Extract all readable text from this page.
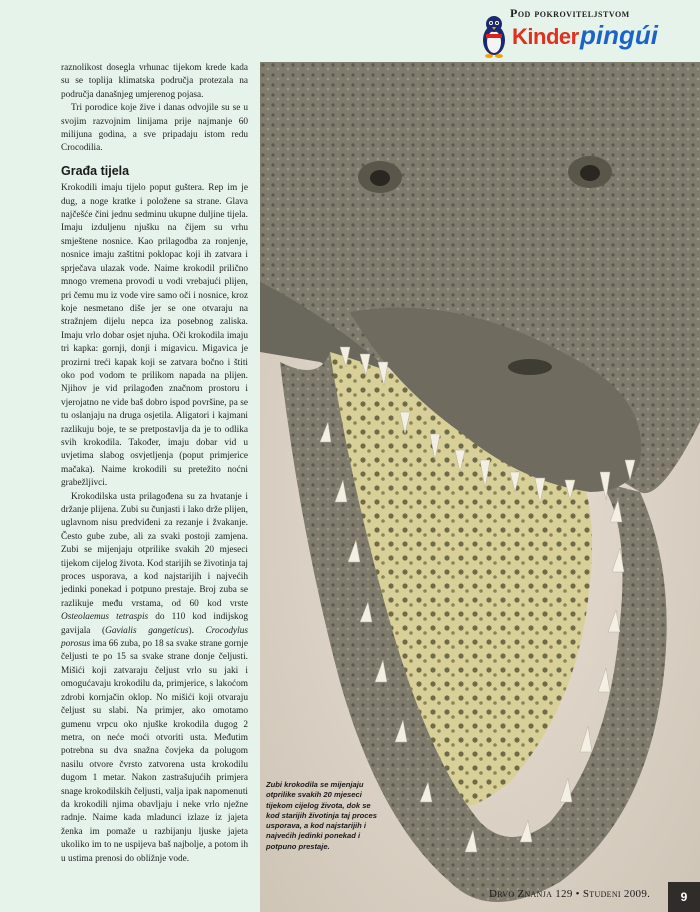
Pod pokroviteljstvom
Kinder pingúi

raznolikost dosegla vrhunac tijekom krede kada su se toplija klimatska područja protezala na područja današnjeg umjerenog pojasa.

Tri porodice koje žive i danas odvojile su se u svojim razvojnim linijama prije najmanje 60 milijuna godina, a sve pripadaju istom redu Crocodilia.

Građa tijela

Krokodili imaju tijelo poput guštera. Rep im je dug, a noge kratke i položene sa strane. Glava najčešće čini jednu sedminu ukupne duljine tijela. Imaju izduljenu njušku na čijem su vrhu smještene nosnice. Kao prilagodba za ronjenje, nosnice imaju zaštitni poklopac koji ih zatvara i sprječava ulazak vode. Naime krokodil prilično mnogo vremena provodi u vodi vrebajući plijen, pri čemu mu iz vode vire samo oči i nosnice, kroz koje nesmetano diše jer se one otvaraju na stražnjem dijelu nepca iza posebnog zaliska. Imaju vrlo dobar osjet njuha. Oči krokodila imaju tri kapka: gornji, donji i migavicu. Migavica je prozirni treći kapak koji se zatvara bočno i štiti oko pod vodom te prilikom napada na plijen. Njihov je vid prilagođen značnom prostoru i vjerojatno ne vide baš dobro ispod površine, pa se tu oslanjaju na druga osjetila. Aligatori i kajmani razlikuju boje, te se pretpostavlja da je to odlika svih krokodila. Također, imaju dobar vid u uvjetima slabog osvjetljenja (poput primjerice mačaka). Naime krokodili su pretežito noćni grabežljivci.

Krokodilska usta prilagođena su za hvatanje i držanje plijena. Zubi su čunjasti i lako drže plijen, uglavnom nisu predviđeni za rezanje i žvakanje. Često gube zube, ali za svaki postoji zamjena. Zubi se mijenjaju otprilike svakih 20 mjeseci tijekom cijelog života. Kod starijih se životinja taj proces usporava, a kod najstarijih i najvećih jedinki ponekad i potpuno prestaje. Broj zuba se razlikuje među vrstama, od 60 kod vrste Osteolaemus tetraspis do 110 kod indijskog gavijala (Gavialis gangeticus). Crocodylus porosus ima 66 zuba, po 18 sa svake strane gornje čeljusti te po 15 sa svake strane donje čeljusti. Mišići koji zatvaraju čeljust vrlo su jaki i omogućavaju krokodilu da, primjerice, s lakoćom zdrobi kornjačin oklop. No mišići koji otvaraju čeljust su slabi. Na primjer, ako omotamo gumenu vrpcu oko njuške krokodila dugog 2 metra, on neće moći otvoriti usta. Međutim potrebna su dva snažna čovjeka da polugom nasilu otvore čvrsto zatvorena usta krokodilu dugom 1 metar. Nakon zastrašujućih primjera snage krokodilskih čeljusti, valja ipak napomenuti da krokodili njima obavljaju i neke vrlo nježne radnje. Naime kada mladunci izlaze iz jajeta ženka im pomaže u razbijanju ljuske jajeta ukoliko im to ne uspijeva baš najbolje, a potom ih u ustima prenosi do obližnje vode.

Zubi krokodila se mijenjaju otprilike svakih 20 mjeseci tijekom cijelog života, dok se kod starijih životinja taj proces usporava, a kod najstarijih i najvećih jedinki ponekad i potpuno prestaje.
Drvo Znanja 129 • Studeni 2009.	9
